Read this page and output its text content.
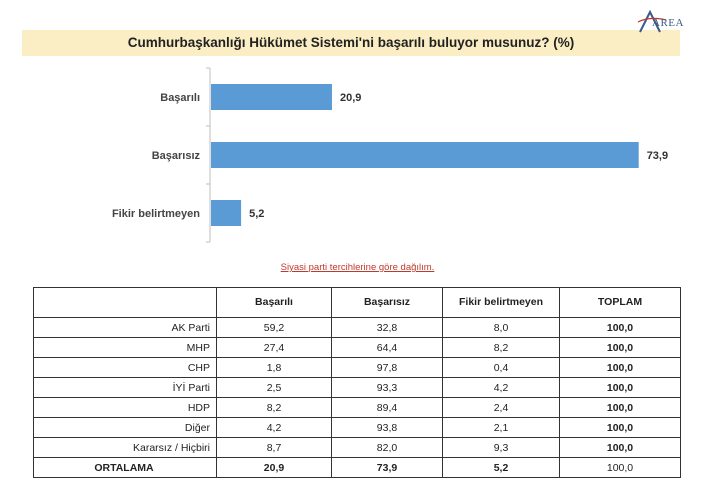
Cumhurbaşkanlığı Hükümet Sistemi'ni başarılı buluyor musunuz? (%)
AREA
Başarılı	20,9
Başarısız	73,9
Fikir belirtmeyen	5,2
Siyasi parti tercihlerine göre dağılım.
	Başarılı	Başarısız	Fikir belirtmeyen	TOPLAM
AK Parti	59,2	32,8	8,0	100,0
MHP	27,4	64,4	8,2	100,0
CHP	1,8	97,8	0,4	100,0
İYİ Parti	2,5	93,3	4,2	100,0
HDP	8,2	89,4	2,4	100,0
Diğer	4,2	93,8	2,1	100,0
Kararsız / Hiçbiri	8,7	82,0	9,3	100,0
ORTALAMA	20,9	73,9	5,2	100,0
